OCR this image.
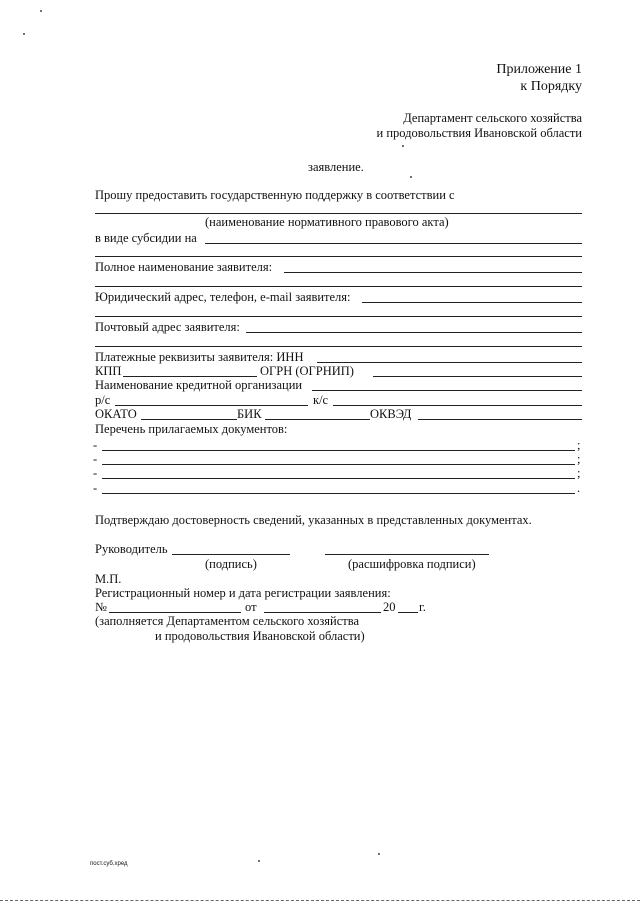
Приложение 1
к Порядку
Департамент сельского хозяйства
и продовольствия Ивановской области
заявление.
Прошу предоставить государственную поддержку в соответствии с
(наименование нормативного правового акта)
в виде субсидии на
Полное наименование заявителя:
Юридический адрес, телефон, e-mail заявителя:
Почтовый адрес заявителя:
Платежные реквизиты заявителя: ИНН
КПП	ОГРН (ОГРНИП)
Наименование кредитной организации
р/с	к/с
ОКАТО	БИК	ОКВЭД
Перечень прилагаемых документов:
-	;
-	;
-	;
-	.
Подтверждаю достоверность сведений, указанных в представленных документах.
Руководитель
(подпись)	(расшифровка подписи)
М.П.
Регистрационный номер и дата регистрации заявления:
№	от	20 г.
(заполняется Департаментом сельского хозяйства
и продовольствия Ивановской области)
пост.суб.хред
